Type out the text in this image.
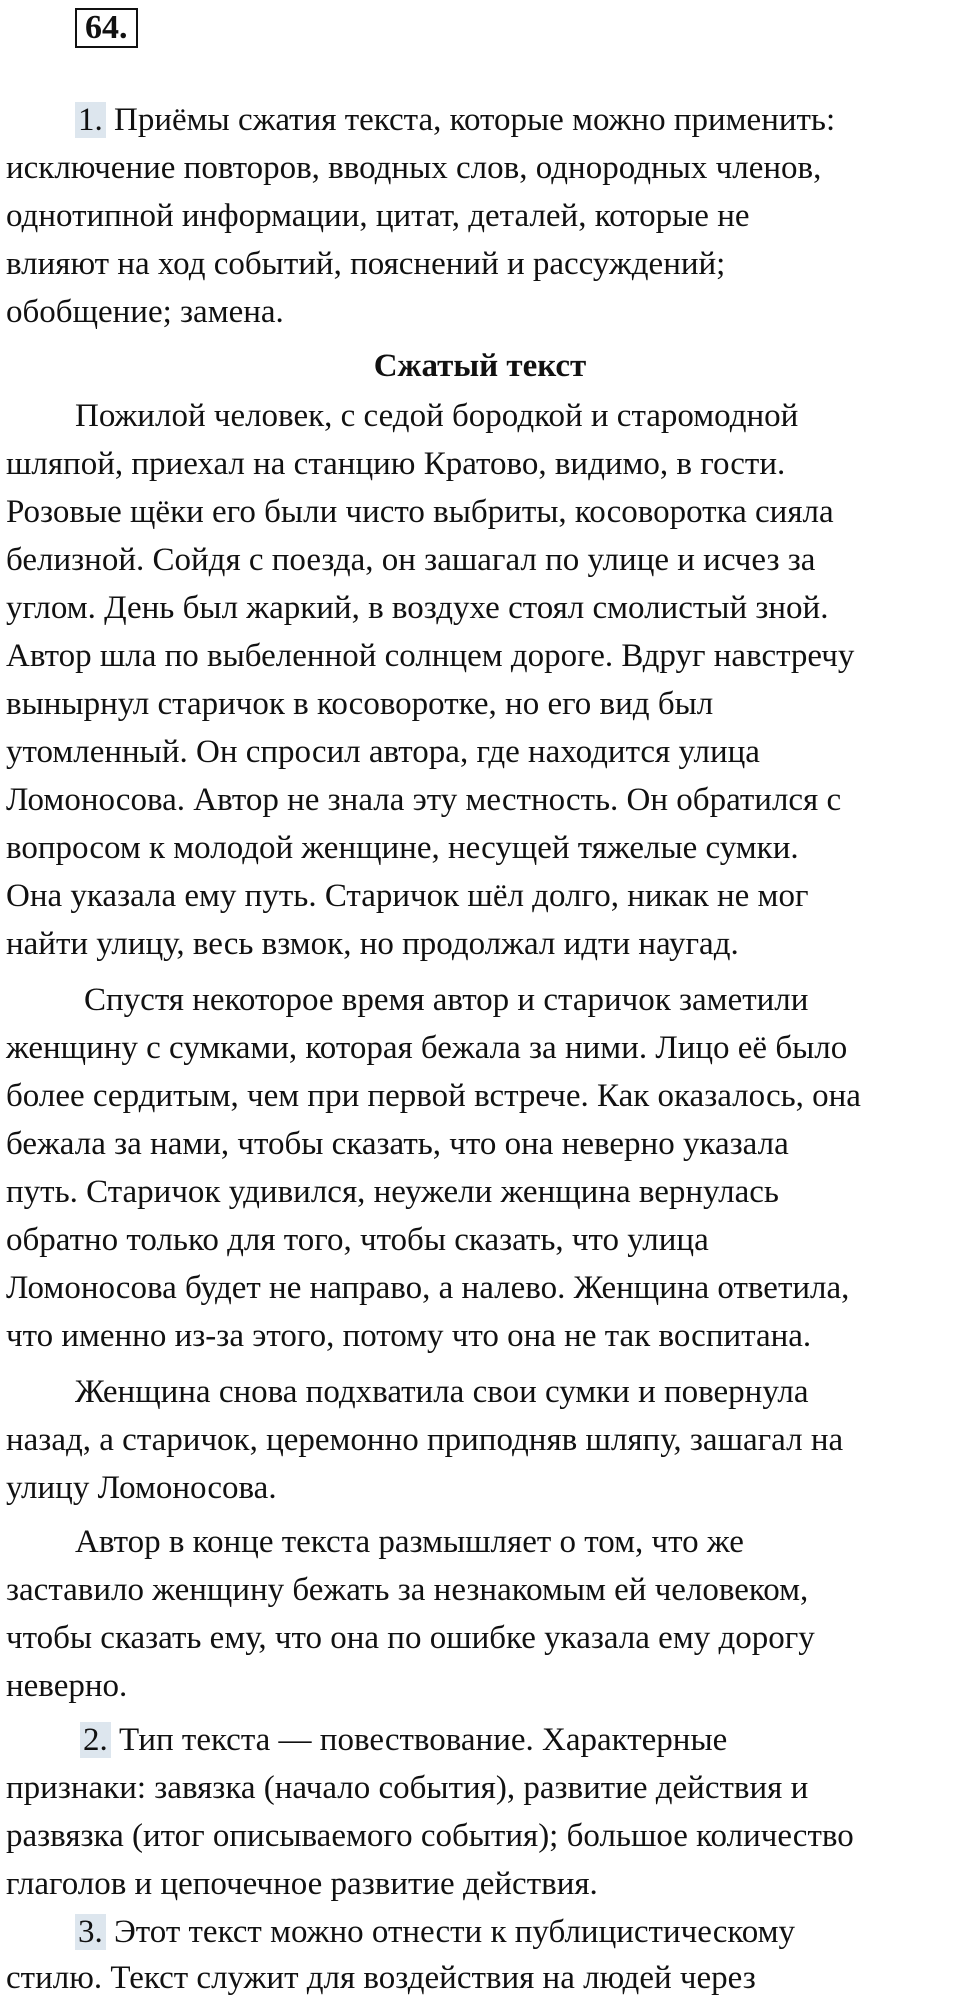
64.
1. Приёмы сжатия текста, которые можно применить:
исключение повторов, вводных слов, однородных членов,
однотипной информации, цитат, деталей, которые не
влияют на ход событий, пояснений и рассуждений;
обобщение; замена.
Сжатый текст
Пожилой человек, с седой бородкой и старомодной
шляпой, приехал на станцию Кратово, видимо, в гости.
Розовые щёки его были чисто выбриты, косоворотка сияла
белизной. Сойдя с поезда, он зашагал по улице и исчез за
углом. День был жаркий, в воздухе стоял смолистый зной.
Автор шла по выбеленной солнцем дороге. Вдруг навстречу
вынырнул старичок в косоворотке, но его вид был
утомленный. Он спросил автора, где находится улица
Ломоносова. Автор не знала эту местность. Он обратился с
вопросом к молодой женщине, несущей тяжелые сумки.
Она указала ему путь. Старичок шёл долго, никак не мог
найти улицу, весь взмок, но продолжал идти наугад.
Спустя некоторое время автор и старичок заметили
женщину с сумками, которая бежала за ними. Лицо её было
более сердитым, чем при первой встрече. Как оказалось, она
бежала за нами, чтобы сказать, что она неверно указала
путь. Старичок удивился, неужели женщина вернулась
обратно только для того, чтобы сказать, что улица
Ломоносова будет не направо, а налево. Женщина ответила,
что именно из-за этого, потому что она не так воспитана.
Женщина снова подхватила свои сумки и повернула
назад, а старичок, церемонно приподняв шляпу, зашагал на
улицу Ломоносова.
Автор в конце текста размышляет о том, что же
заставило женщину бежать за незнакомым ей человеком,
чтобы сказать ему, что она по ошибке указала ему дорогу
неверно.
2. Тип текста — повествование. Характерные
признаки: завязка (начало события), развитие действия и
развязка (итог описываемого события); большое количество
глаголов и цепочечное развитие действия.
3. Этот текст можно отнести к публицистическому
стилю. Текст служит для воздействия на людей через
